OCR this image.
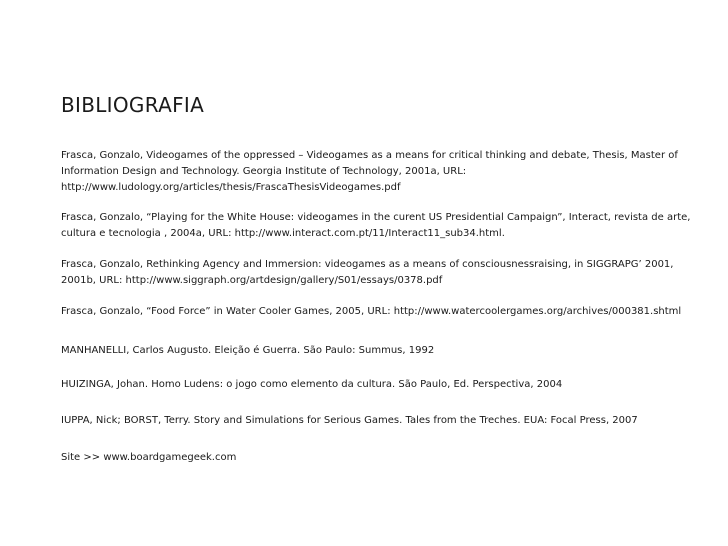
BIBLIOGRAFIA

Frasca, Gonzalo, Videogames of the oppressed – Videogames as a means for critical thinking and debate, Thesis, Master of Information Design and Technology. Georgia Institute of Technology, 2001a, URL: http://www.ludology.org/articles/thesis/FrascaThesisVideogames.pdf

Frasca, Gonzalo, “Playing for the White House: videogames in the curent US Presidential Campaign”, Interact, revista de arte, cultura e tecnologia , 2004a, URL: http://www.interact.com.pt/11/Interact11_sub34.html.

Frasca, Gonzalo, Rethinking Agency and Immersion: videogames as a means of consciousnessraising, in SIGGRAPG’ 2001, 2001b, URL: http://www.siggraph.org/artdesign/gallery/S01/essays/0378.pdf

Frasca, Gonzalo, “Food Force” in Water Cooler Games, 2005, URL: http://www.watercoolergames.org/archives/000381.shtml

MANHANELLI, Carlos Augusto. Eleição é Guerra. São Paulo: Summus, 1992

HUIZINGA, Johan. Homo Ludens: o jogo como elemento da cultura. São Paulo, Ed. Perspectiva, 2004

IUPPA, Nick; BORST, Terry. Story and Simulations for Serious Games. Tales from the Treches. EUA: Focal Press, 2007

Site >> www.boardgamegeek.com
